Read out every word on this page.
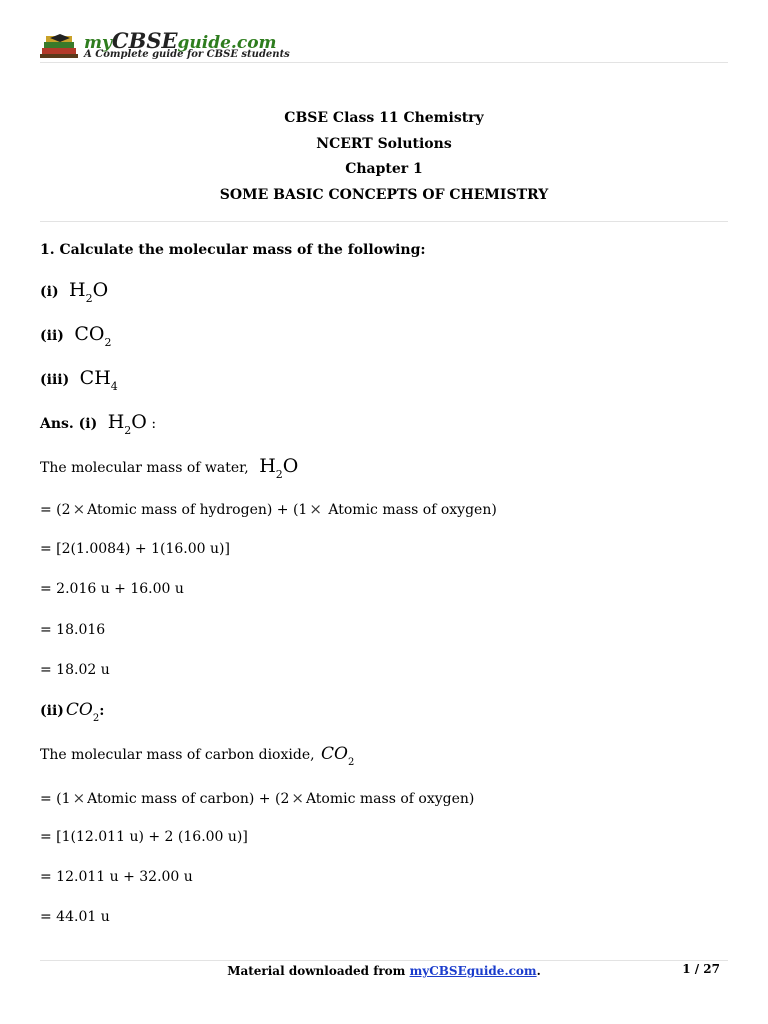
myCBSEguide.com
A Complete guide for CBSE students
CBSE Class 11 Chemistry
NCERT Solutions
Chapter 1
SOME BASIC CONCEPTS OF CHEMISTRY
1. Calculate the molecular mass of the following:
(i) $H_2O$
(ii) $CO_2$
(iii) $CH_4$
Ans. (i) $H_2O$ :
The molecular mass of water, $H_2O$
= (2 × Atomic mass of hydrogen) + (1 × Atomic mass of oxygen)
= [2(1.0084) + 1(16.00 u)]
= 2.016 u + 16.00 u
= 18.016
= 18.02 u
(ii) $CO_2$:
The molecular mass of carbon dioxide, $CO_2$
= (1 × Atomic mass of carbon) + (2 × Atomic mass of oxygen)
= [1(12.011 u) + 2 (16.00 u)]
= 12.011 u + 32.00 u
= 44.01 u
Material downloaded from myCBSEguide.com.	1 / 27
